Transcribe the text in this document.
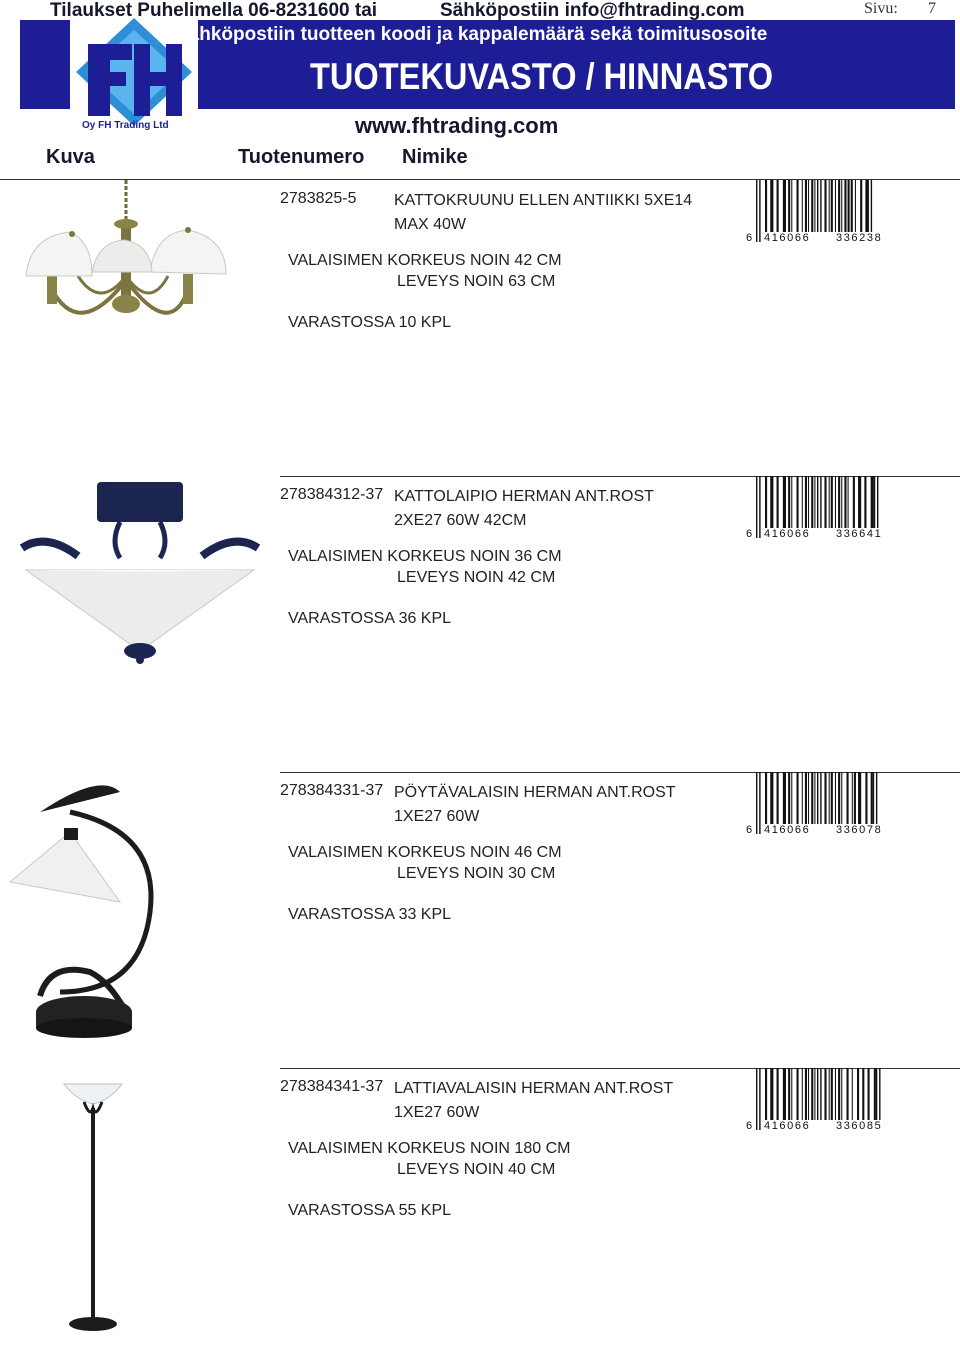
Oy FH Trading Ltd
Tilaukset Puhelimella 06-8231600 tai	Sähköpostiin info@fhtrading.com	Sivu: 7
Sähköpostiin tuotteen koodi ja kappalemäärä sekä toimitusosoite
TUOTEKUVASTO / HINNASTO
www.fhtrading.com
Kuva	Tuotenumero Nimike
2783825-5 KATTOKRUUNU ELLEN ANTIIKKI 5XE14
MAX 40W
VALAISIMEN KORKEUS NOIN 42 CM
LEVEYS NOIN 63 CM
VARASTOSSA 10 KPL
6 416066 336238
278384312-37 KATTOLAIPIO HERMAN ANT.ROST
2XE27 60W 42CM
VALAISIMEN KORKEUS NOIN 36 CM
LEVEYS NOIN 42 CM
VARASTOSSA 36 KPL
6 416066 336641
278384331-37 PÖYTÄVALAISIN HERMAN ANT.ROST
1XE27 60W
VALAISIMEN KORKEUS NOIN 46 CM
LEVEYS NOIN 30 CM
VARASTOSSA 33 KPL
6 416066 336078
278384341-37 LATTIAVALAISIN HERMAN ANT.ROST
1XE27 60W
VALAISIMEN KORKEUS NOIN 180 CM
LEVEYS NOIN 40 CM
VARASTOSSA 55 KPL
6 416066 336085
